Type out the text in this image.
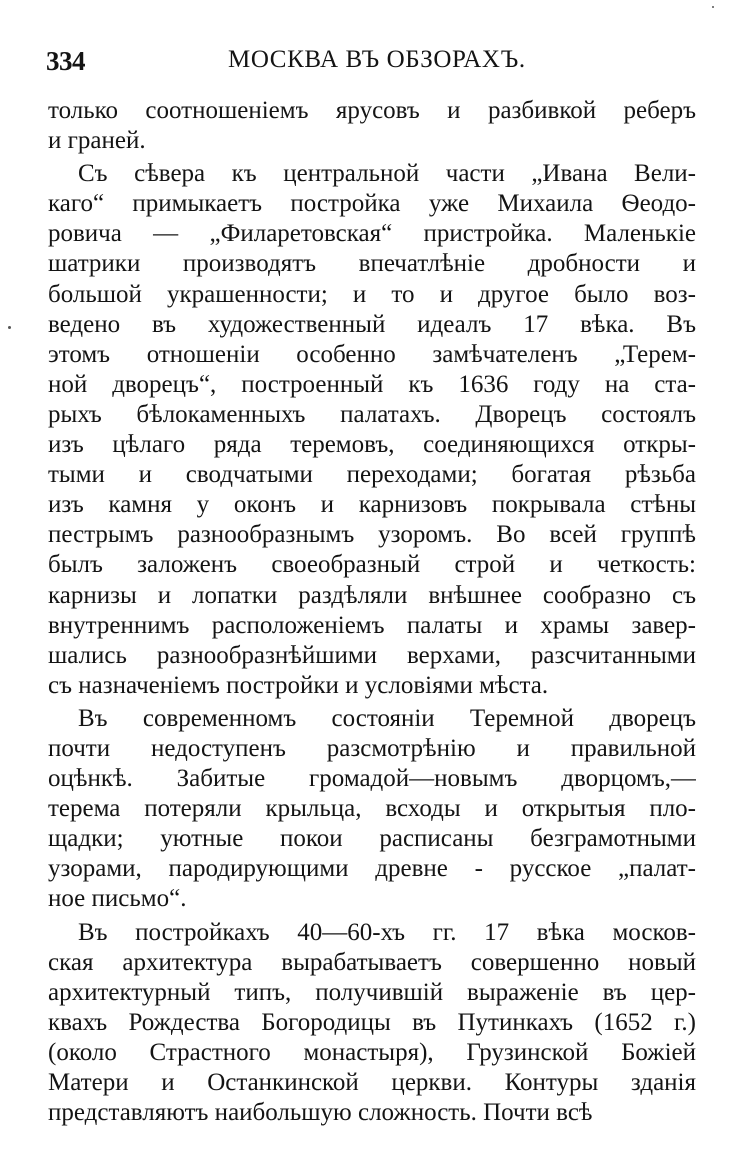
334	МОСКВА ВЪ ОБЗОРАХЪ.
только соотношенiемъ ярусовъ и разбивкой реберъ
и граней.
Съ сѣвера къ центральной части „Ивана Вели-
каго“ примыкаетъ постройка уже Михаила Ѳеодо-
ровича — „Филаретовская“ пристройка. Маленькiе
шатрики производятъ впечатлѣнiе дробности и
большой украшенности; и то и другое было воз-
ведено въ художественный идеалъ 17 вѣка. Въ
этомъ отношенiи особенно замѣчателенъ „Терем-
ной дворецъ“, построенный къ 1636 году на ста-
рыхъ бѣлокаменныхъ палатахъ. Дворецъ состоялъ
изъ цѣлаго ряда теремовъ, соединяющихся откры-
тыми и сводчатыми переходами; богатая рѣзьба
изъ камня у оконъ и карнизовъ покрывала стѣны
пестрымъ разнообразнымъ узоромъ. Во всей группѣ
былъ заложенъ своеобразный строй и четкость:
карнизы и лопатки раздѣляли внѣшнее сообразно съ
внутреннимъ расположенiемъ палаты и храмы завер-
шались разнообразнѣйшими верхами, разсчитанными
съ назначенiемъ постройки и условiями мѣста.
Въ современномъ состоянiи Теремной дворецъ
почти недоступенъ разсмотрѣнiю и правильной
оцѣнкѣ. Забитые громадой—новымъ дворцомъ,—
терема потеряли крыльца, всходы и открытыя пло-
щадки; уютные покои расписаны безграмотными
узорами, пародирующими древне - русское „палат-
ное письмо“.
Въ постройкахъ 40—60-хъ гг. 17 вѣка москов-
ская архитектура вырабатываетъ совершенно новый
архитектурный типъ, получившiй выраженiе въ цер-
квахъ Рождества Богородицы въ Путинкахъ (1652 г.)
(около Страстного монастыря), Грузинской Божiей
Матери и Останкинской церкви. Контуры зданiя
представляютъ наибольшую сложность. Почти всѣ
